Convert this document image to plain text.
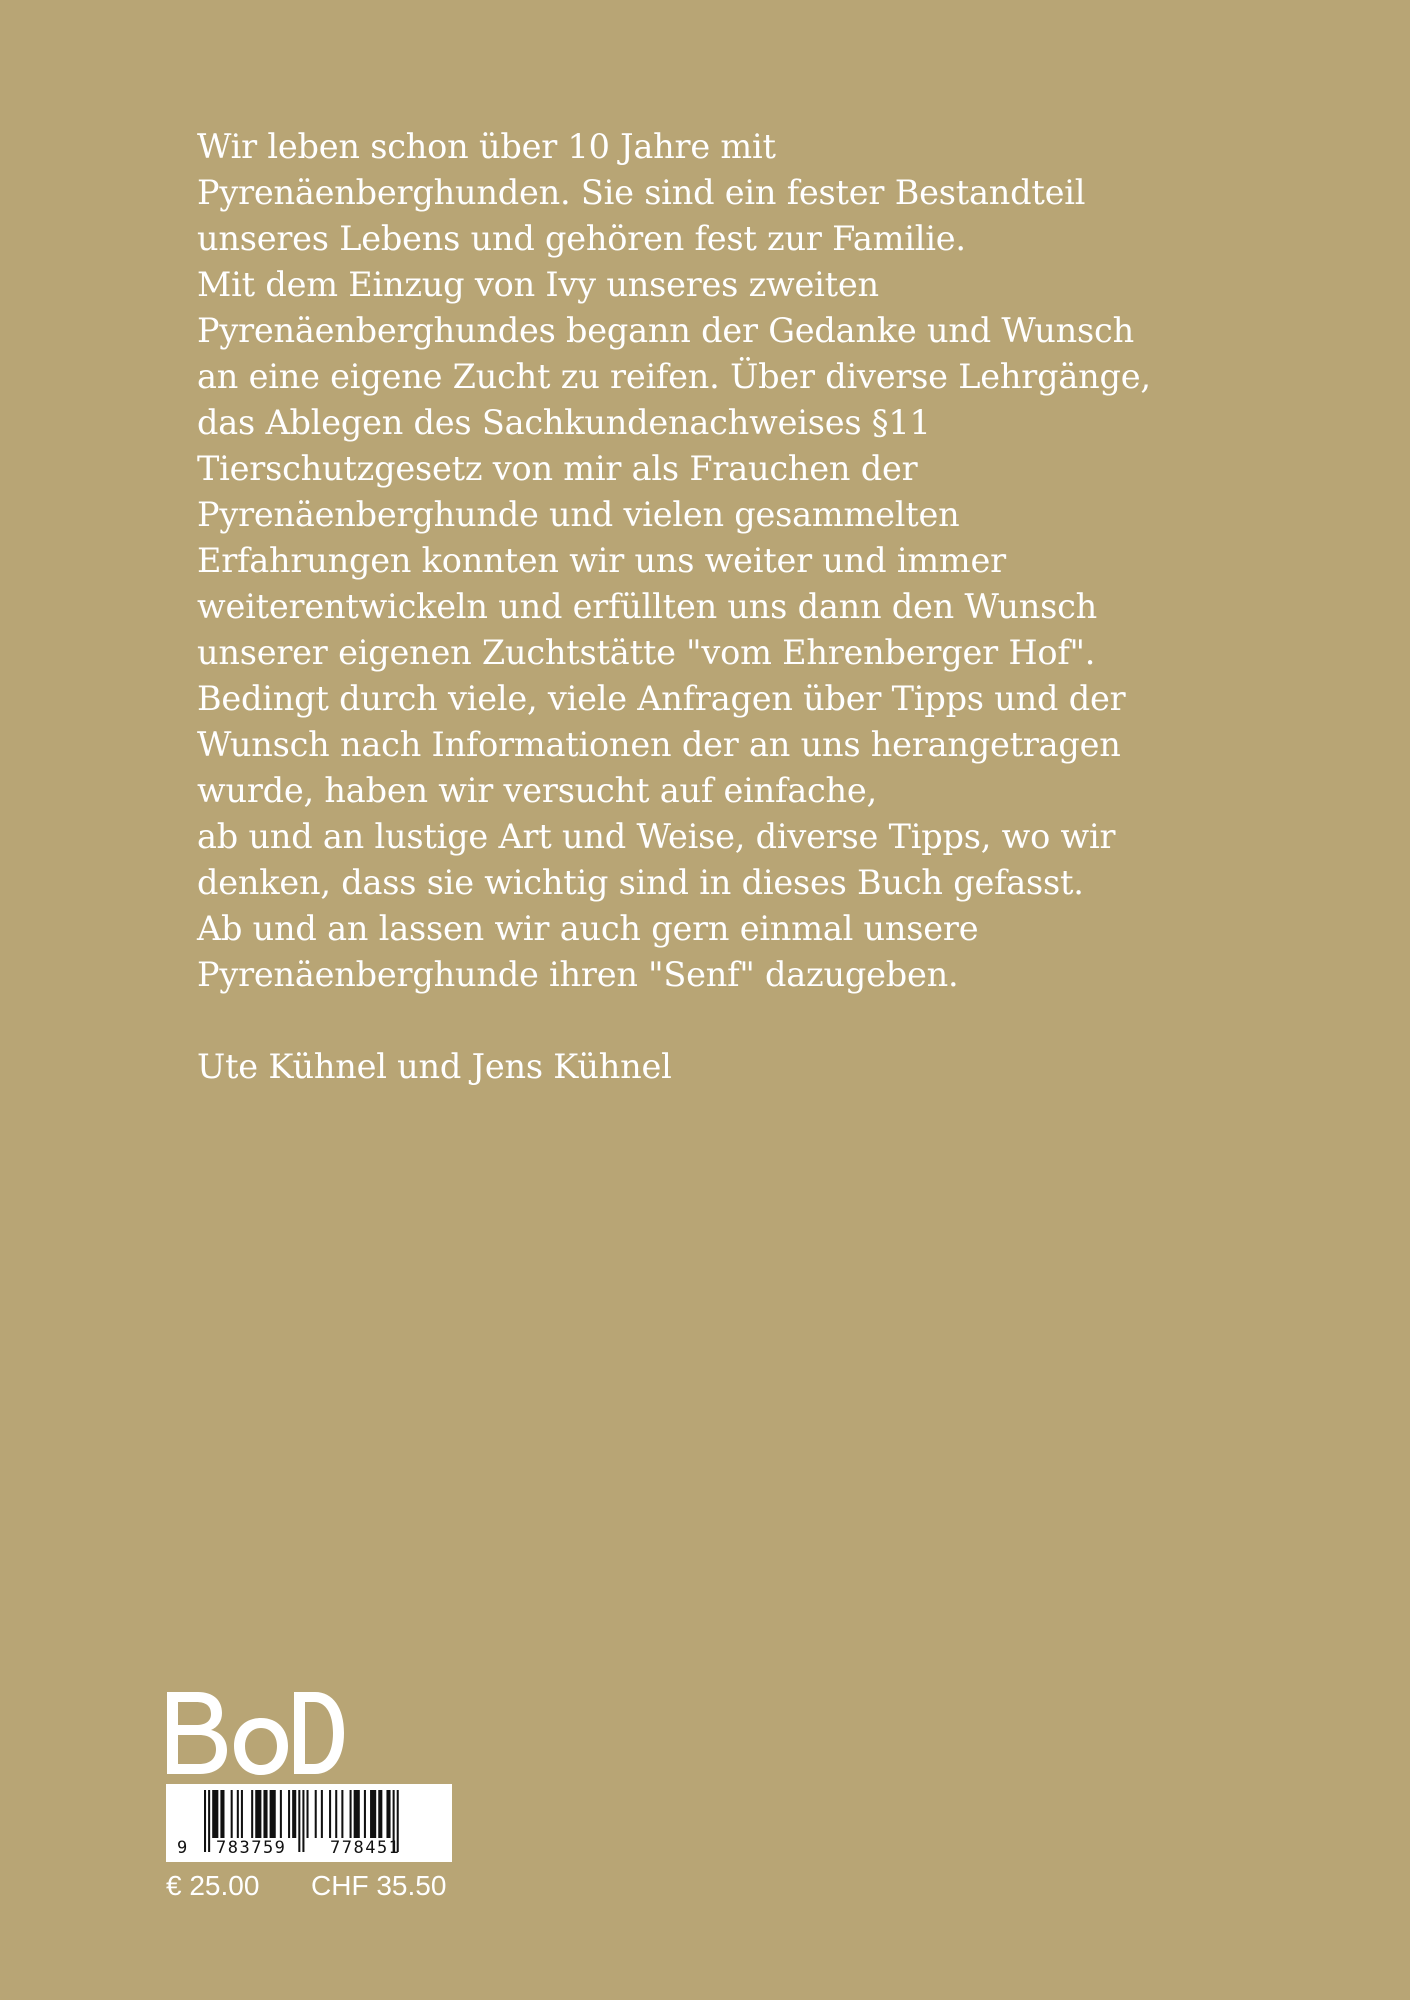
Wir leben schon über 10 Jahre mit
Pyrenäenberghunden. Sie sind ein fester Bestandteil
unseres Lebens und gehören fest zur Familie.
Mit dem Einzug von Ivy unseres zweiten
Pyrenäenberghundes begann der Gedanke und Wunsch
an eine eigene Zucht zu reifen. Über diverse Lehrgänge,
das Ablegen des Sachkundenachweises §11
Tierschutzgesetz von mir als Frauchen der
Pyrenäenberghunde und vielen gesammelten
Erfahrungen konnten wir uns weiter und immer
weiterentwickeln und erfüllten uns dann den Wunsch
unserer eigenen Zuchtstätte "vom Ehrenberger Hof".
Bedingt durch viele, viele Anfragen über Tipps und der
Wunsch nach Informationen der an uns herangetragen
wurde, haben wir versucht auf einfache,
ab und an lustige Art und Weise, diverse Tipps, wo wir
denken, dass sie wichtig sind in dieses Buch gefasst.
Ab und an lassen wir auch gern einmal unsere
Pyrenäenberghunde ihren "Senf" dazugeben.
Ute Kühnel und Jens Kühnel
9 783759	778451
€ 25.00 CHF 35.50
